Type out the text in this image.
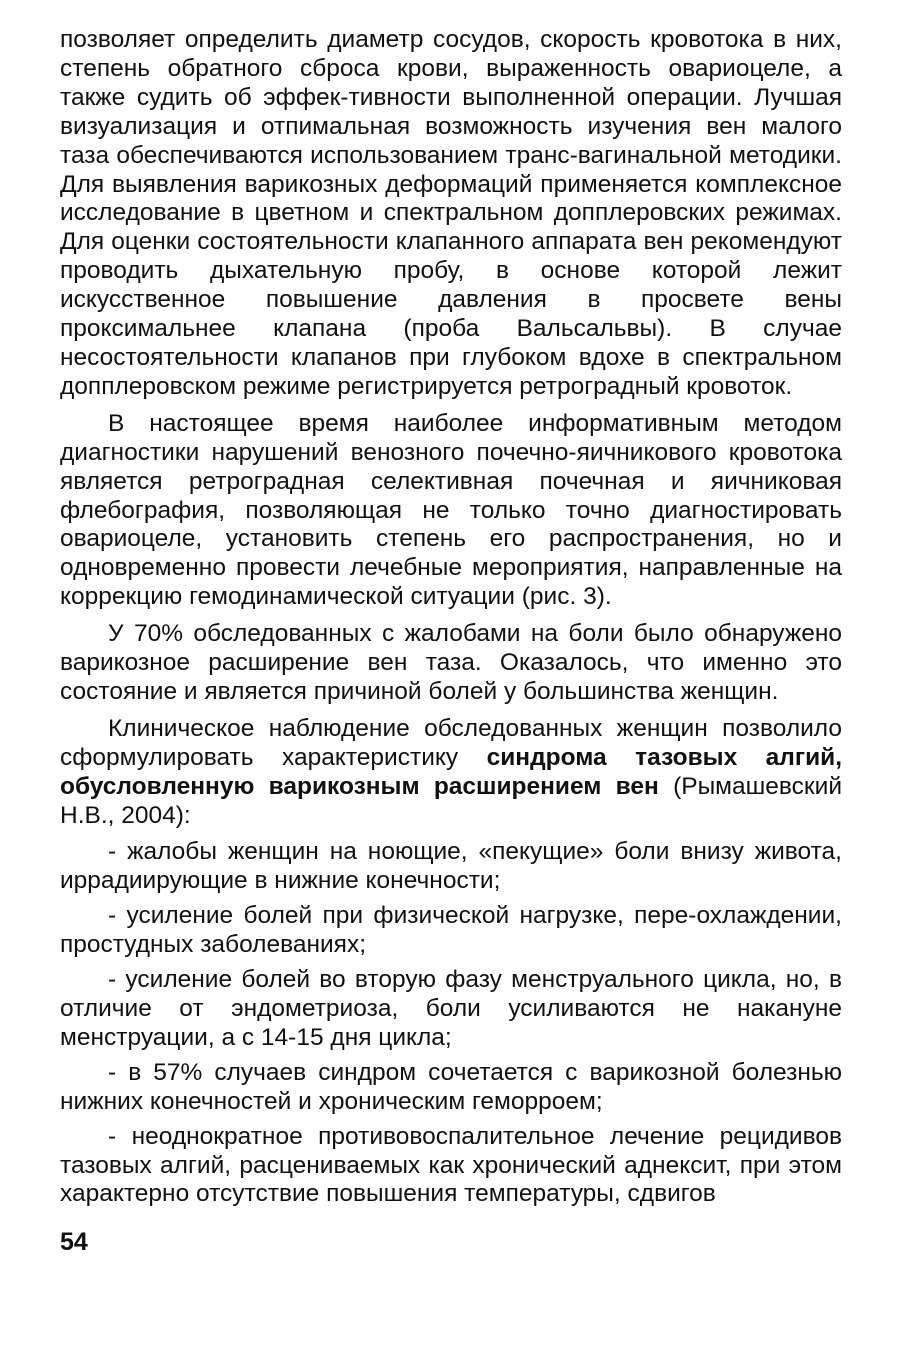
позволяет определить диаметр сосудов, скорость кровотока в них, степень обратного сброса крови, выраженность овариоцеле, а также судить об эффек-тивности выполненной операции. Лучшая визуализация и отпимальная возможность изучения вен малого таза обеспечиваются использованием транс-вагинальной методики. Для выявления варикозных деформаций применяется комплексное исследование в цветном и спектральном допплеровских режимах. Для оценки состоятельности клапанного аппарата вен рекомендуют проводить дыхательную пробу, в основе которой лежит искусственное повышение давления в просвете вены проксимальнее клапана (проба Вальсальвы). В случае несостоятельности клапанов при глубоком вдохе в спектральном допплеровском режиме регистрируется ретроградный кровоток.

В настоящее время наиболее информативным методом диагностики нарушений венозного почечно-яичникового кровотока является ретроградная селективная почечная и яичниковая флебография, позволяющая не только точно диагностировать овариоцеле, установить степень его распространения, но и одновременно провести лечебные мероприятия, направленные на коррекцию гемодинамической ситуации (рис. 3).

У 70% обследованных с жалобами на боли было обнаружено варикозное расширение вен таза. Оказалось, что именно это состояние и является причиной болей у большинства женщин.

Клиническое наблюдение обследованных женщин позволило сформулировать характеристику синдрома тазовых алгий, обусловленную варикозным расширением вен (Рымашевский Н.В., 2004):

- жалобы женщин на ноющие, «пекущие» боли внизу живота, иррадиирующие в нижние конечности;

- усиление болей при физической нагрузке, пере-охлаждении, простудных заболеваниях;

- усиление болей во вторую фазу менструального цикла, но, в отличие от эндометриоза, боли усиливаются не накануне менструации, а с 14-15 дня цикла;

- в 57% случаев синдром сочетается с варикозной болезнью нижних конечностей и хроническим геморроем;

- неоднократное противовоспалительное лечение рецидивов тазовых алгий, расцениваемых как хронический аднексит, при этом характерно отсутствие повышения температуры, сдвигов

54
